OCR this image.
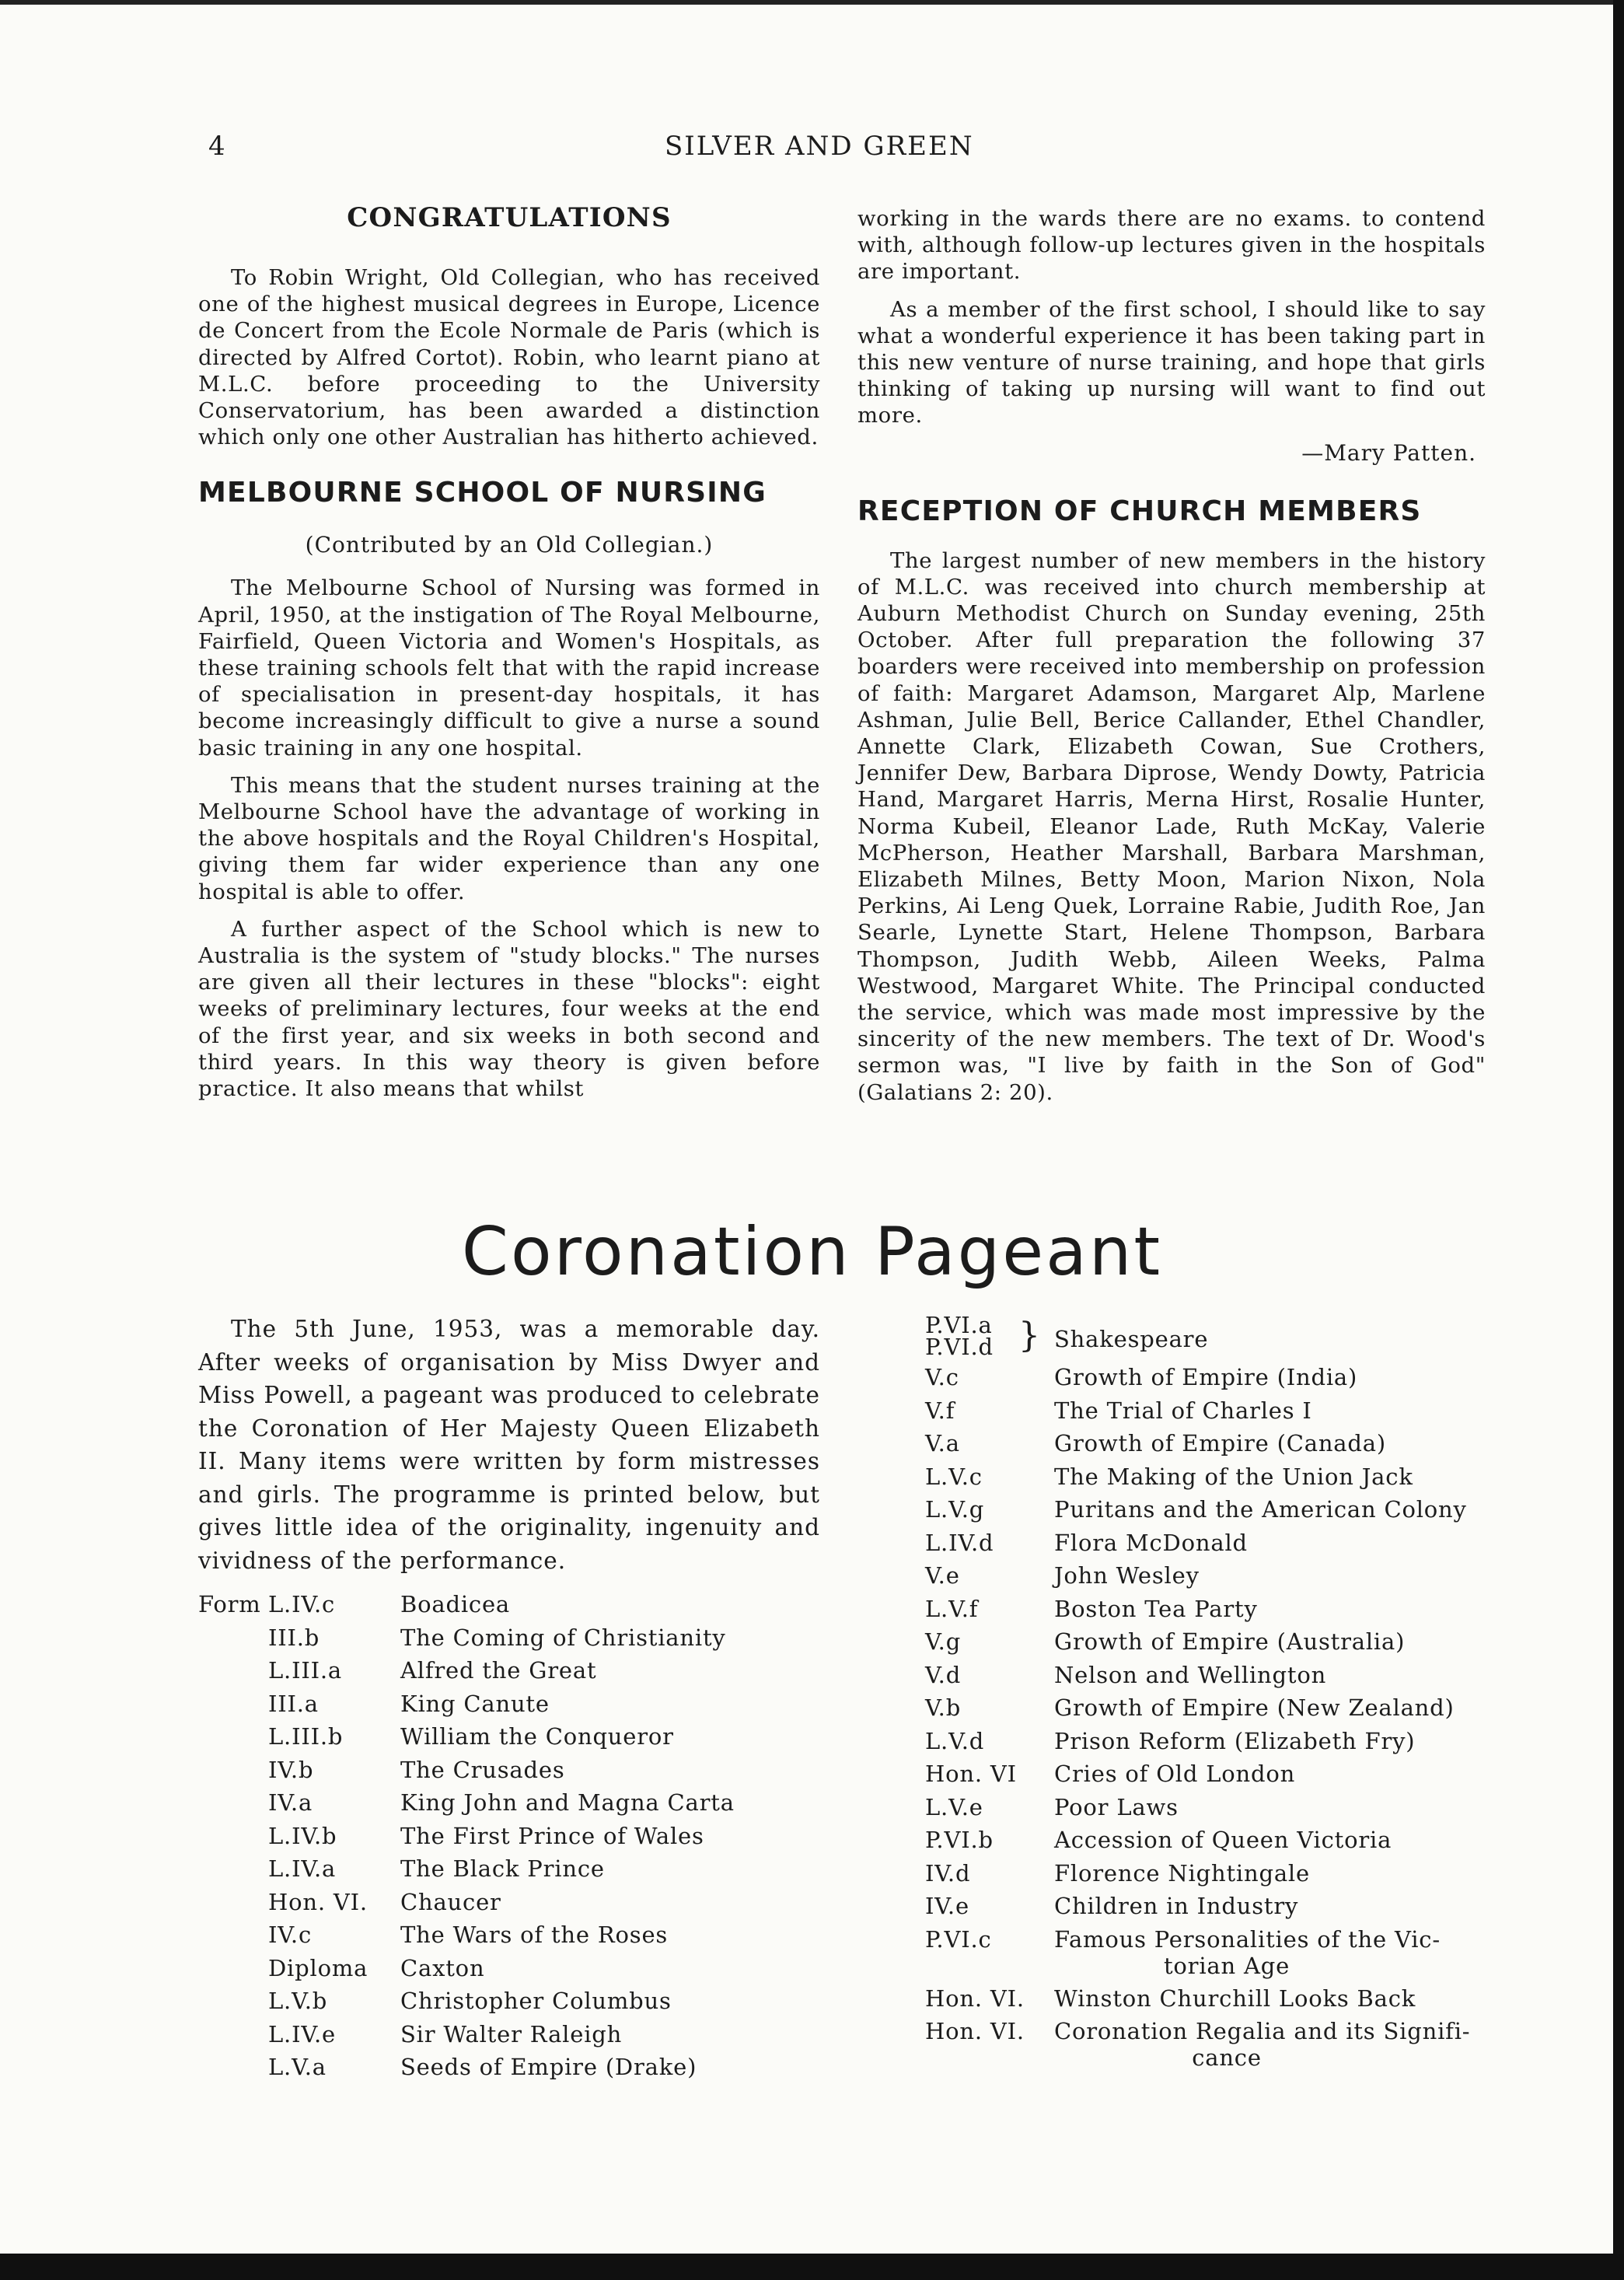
4	SILVER AND GREEN
CONGRATULATIONS

To Robin Wright, Old Collegian, who has received one of the highest musical degrees in Europe, Licence de Concert from the Ecole Normale de Paris (which is directed by Alfred Cortot). Robin, who learnt piano at M.L.C. before proceeding to the University Conservatorium, has been awarded a distinction which only one other Australian has hitherto achieved.

MELBOURNE SCHOOL OF NURSING
(Contributed by an Old Collegian.)

The Melbourne School of Nursing was formed in April, 1950, at the instigation of The Royal Melbourne, Fairfield, Queen Victoria and Women's Hospitals, as these training schools felt that with the rapid increase of specialisation in present-day hospitals, it has become increasingly difficult to give a nurse a sound basic training in any one hospital.

This means that the student nurses training at the Melbourne School have the advantage of working in the above hospitals and the Royal Children's Hospital, giving them far wider experience than any one hospital is able to offer.

A further aspect of the School which is new to Australia is the system of "study blocks." The nurses are given all their lectures in these "blocks": eight weeks of preliminary lectures, four weeks at the end of the first year, and six weeks in both second and third years. In this way theory is given before practice. It also means that whilst

working in the wards there are no exams. to contend with, although follow-up lectures given in the hospitals are important.

As a member of the first school, I should like to say what a wonderful experience it has been taking part in this new venture of nurse training, and hope that girls thinking of taking up nursing will want to find out more.

—Mary Patten.
RECEPTION OF CHURCH MEMBERS

The largest number of new members in the history of M.L.C. was received into church membership at Auburn Methodist Church on Sunday evening, 25th October. After full preparation the following 37 boarders were received into membership on profession of faith: Margaret Adamson, Margaret Alp, Marlene Ashman, Julie Bell, Berice Callander, Ethel Chandler, Annette Clark, Elizabeth Cowan, Sue Crothers, Jennifer Dew, Barbara Diprose, Wendy Dowty, Patricia Hand, Margaret Harris, Merna Hirst, Rosalie Hunter, Norma Kubeil, Eleanor Lade, Ruth McKay, Valerie McPherson, Heather Marshall, Barbara Marshman, Elizabeth Milnes, Betty Moon, Marion Nixon, Nola Perkins, Ai Leng Quek, Lorraine Rabie, Judith Roe, Jan Searle, Lynette Start, Helene Thompson, Barbara Thompson, Judith Webb, Aileen Weeks, Palma Westwood, Margaret White. The Principal conducted the service, which was made most impressive by the sincerity of the new members. The text of Dr. Wood's sermon was, "I live by faith in the Son of God" (Galatians 2: 20).

Coronation Pageant

The 5th June, 1953, was a memorable day. After weeks of organisation by Miss Dwyer and Miss Powell, a pageant was produced to celebrate the Coronation of Her Majesty Queen Elizabeth II. Many items were written by form mistresses and girls. The programme is printed below, but gives little idea of the originality, ingenuity and vividness of the performance.

Form L.IV.c	Boadicea
III.b	The Coming of Christianity
L.III.a	Alfred the Great
III.a	King Canute
L.III.b	William the Conqueror
IV.b	The Crusades
IV.a	King John and Magna Carta
L.IV.b	The First Prince of Wales
L.IV.a	The Black Prince
Hon. VI.	Chaucer
IV.c	The Wars of the Roses
Diploma	Caxton
L.V.b	Christopher Columbus
L.IV.e	Sir Walter Raleigh
L.V.a	Seeds of Empire (Drake)
P.VI.a
P.VI.d } Shakespeare
V.c	Growth of Empire (India)
V.f	The Trial of Charles I
V.a	Growth of Empire (Canada)
L.V.c	The Making of the Union Jack
L.V.g	Puritans and the American Colony
L.IV.d	Flora McDonald
V.e	John Wesley
L.V.f	Boston Tea Party
V.g	Growth of Empire (Australia)
V.d	Nelson and Wellington
V.b	Growth of Empire (New Zealand)
L.V.d	Prison Reform (Elizabeth Fry)
Hon. VI	Cries of Old London
L.V.e	Poor Laws
P.VI.b	Accession of Queen Victoria
IV.d	Florence Nightingale
IV.e	Children in Industry
P.VI.c	Famous Personalities of the Vic-
torian Age
Hon. VI.	Winston Churchill Looks Back
Hon. VI.	Coronation Regalia and its Signifi-
cance
